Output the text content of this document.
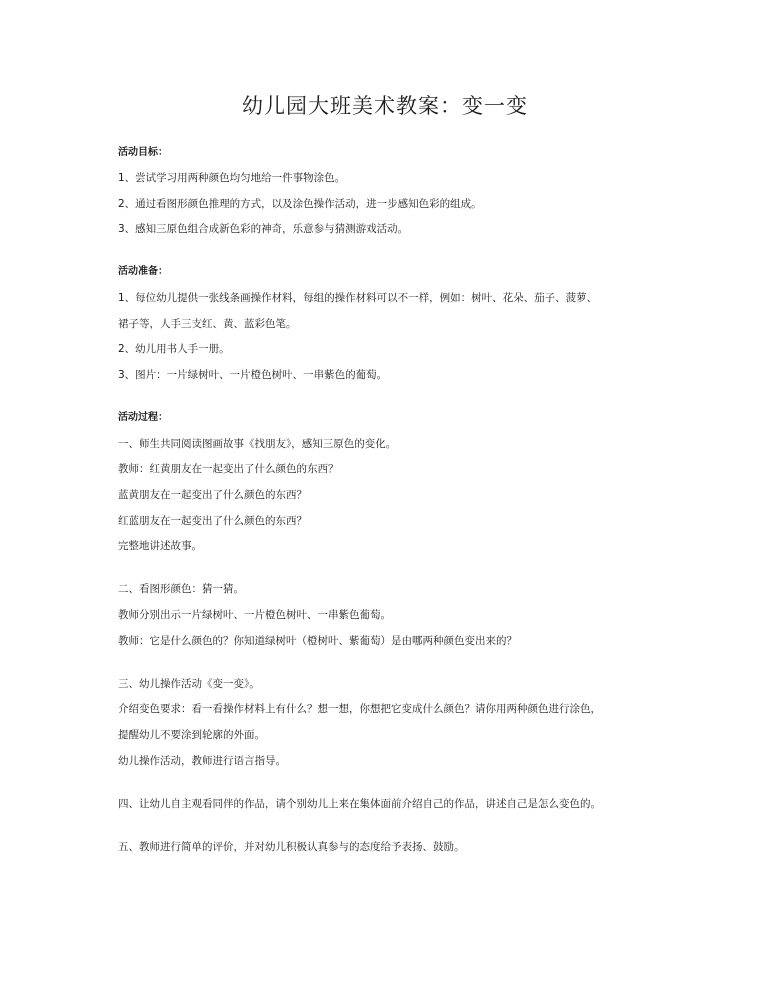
幼儿园大班美术教案：变一变
活动目标：
1、尝试学习用两种颜色均匀地给一件事物涂色。
2、通过看图形颜色推理的方式，以及涂色操作活动，进一步感知色彩的组成。
3、感知三原色组合成新色彩的神奇，乐意参与猜测游戏活动。
活动准备：
1、每位幼儿提供一张线条画操作材料，每组的操作材料可以不一样，例如：树叶、花朵、茄子、菠萝、
裙子等，人手三支红、黄、蓝彩色笔。
2、幼儿用书人手一册。
3、图片：一片绿树叶、一片橙色树叶、一串紫色的葡萄。
活动过程：
一、师生共同阅读图画故事《找朋友》，感知三原色的变化。
教师：红黄朋友在一起变出了什么颜色的东西？
蓝黄朋友在一起变出了什么颜色的东西？
红蓝朋友在一起变出了什么颜色的东西？
完整地讲述故事。
二、看图形颜色：猜一猜。
教师分别出示一片绿树叶、一片橙色树叶、一串紫色葡萄。
教师：它是什么颜色的？你知道绿树叶（橙树叶、紫葡萄）是由哪两种颜色变出来的？
三、幼儿操作活动《变一变》。
介绍变色要求：看一看操作材料上有什么？想一想，你想把它变成什么颜色？请你用两种颜色进行涂色，
提醒幼儿不要涂到轮廓的外面。
幼儿操作活动，教师进行语言指导。
四、让幼儿自主观看同伴的作品，请个别幼儿上来在集体面前介绍自己的作品，讲述自己是怎么变色的。
五、教师进行简单的评价，并对幼儿积极认真参与的态度给予表扬、鼓励。
